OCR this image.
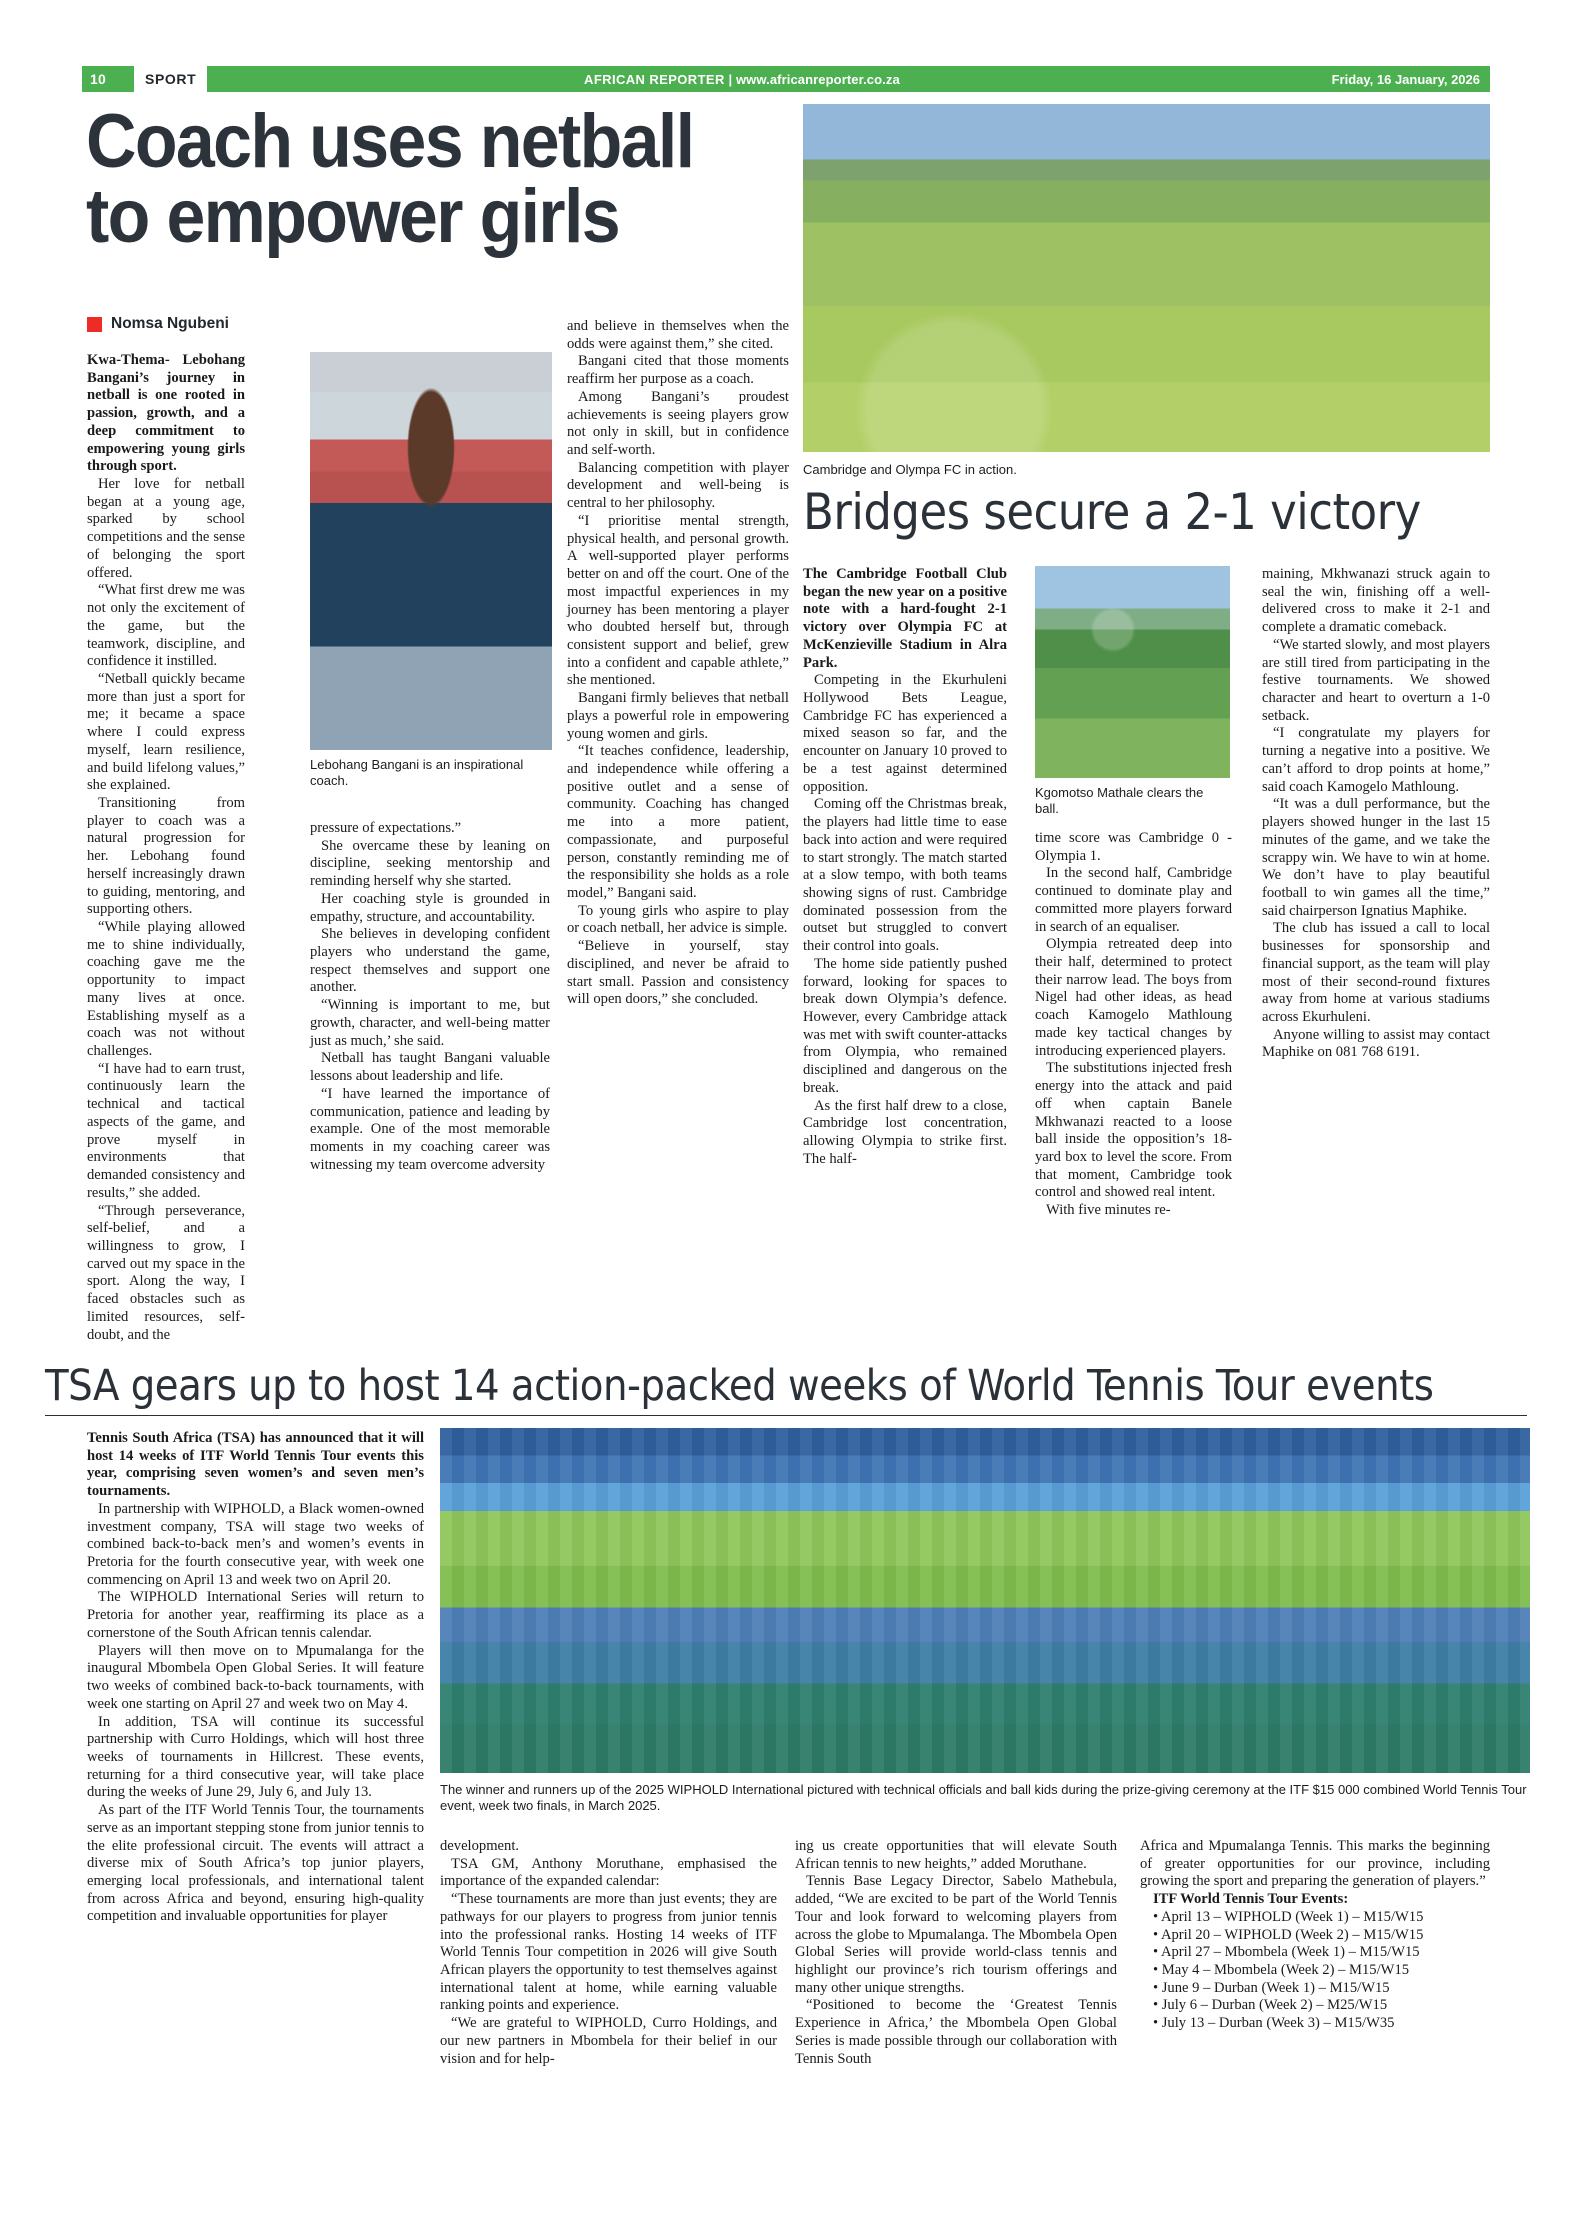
10	SPORT	AFRICAN REPORTER | www.africanreporter.co.za	Friday, 16 January, 2026
Coach uses netball to empower girls
Nomsa Ngubeni

Kwa-Thema- Lebohang Bangani’s journey in netball is one rooted in passion, growth, and a deep commitment to empowering young girls through sport.

Her love for netball began at a young age, sparked by school competitions and the sense of belonging the sport offered.

“What first drew me was not only the excitement of the game, but the teamwork, discipline, and confidence it instilled.

“Netball quickly became more than just a sport for me; it became a space where I could express myself, learn resilience, and build lifelong values,” she explained.

Transitioning from player to coach was a natural progression for her. Lebohang found herself increasingly drawn to guiding, mentoring, and supporting others.

“While playing allowed me to shine individually, coaching gave me the opportunity to impact many lives at once. Establishing myself as a coach was not without challenges.

“I have had to earn trust, continuously learn the technical and tactical aspects of the game, and prove myself in environments that demanded consistency and results,” she added.

“Through perseverance, self-belief, and a willingness to grow, I carved out my space in the sport. Along the way, I faced obstacles such as limited resources, self-doubt, and the

Lebohang Bangani is an inspirational coach.

pressure of expectations.”

She overcame these by leaning on discipline, seeking mentorship and reminding herself why she started.

Her coaching style is grounded in empathy, structure, and accountability.

She believes in developing confident players who understand the game, respect themselves and support one another.

“Winning is important to me, but growth, character, and well-being matter just as much,’ she said.

Netball has taught Bangani valuable lessons about leadership and life.

“I have learned the importance of communication, patience and leading by example. One of the most memorable moments in my coaching career was witnessing my team overcome adversity

and believe in themselves when the odds were against them,” she cited.

Bangani cited that those moments reaffirm her purpose as a coach.

Among Bangani’s proudest achievements is seeing players grow not only in skill, but in confidence and self-worth.

Balancing competition with player development and well-being is central to her philosophy.

“I prioritise mental strength, physical health, and personal growth. A well-supported player performs better on and off the court. One of the most impactful experiences in my journey has been mentoring a player who doubted herself but, through consistent support and belief, grew into a confident and capable athlete,” she mentioned.

Bangani firmly believes that netball plays a powerful role in empowering young women and girls.

“It teaches confidence, leadership, and independence while offering a positive outlet and a sense of community. Coaching has changed me into a more patient, compassionate, and purposeful person, constantly reminding me of the responsibility she holds as a role model,” Bangani said.

To young girls who aspire to play or coach netball, her advice is simple.

“Believe in yourself, stay disciplined, and never be afraid to start small. Passion and consistency will open doors,” she concluded.

Cambridge and Olympa FC in action.
Bridges secure a 2-1 victory

The Cambridge Football Club began the new year on a positive note with a hard-fought 2-1 victory over Olympia FC at McKenzieville Stadium in Alra Park.

Competing in the Ekurhuleni Hollywood Bets League, Cambridge FC has experienced a mixed season so far, and the encounter on January 10 proved to be a test against determined opposition.

Coming off the Christmas break, the players had little time to ease back into action and were required to start strongly. The match started at a slow tempo, with both teams showing signs of rust. Cambridge dominated possession from the outset but struggled to convert their control into goals.

The home side patiently pushed forward, looking for spaces to break down Olympia’s defence. However, every Cambridge attack was met with swift counter-attacks from Olympia, who remained disciplined and dangerous on the break.

As the first half drew to a close, Cambridge lost concentration, allowing Olympia to strike first. The half-

Kgomotso Mathale clears the ball.

time score was Cambridge 0 - Olympia 1.

In the second half, Cambridge continued to dominate play and committed more players forward in search of an equaliser.

Olympia retreated deep into their half, determined to protect their narrow lead. The boys from Nigel had other ideas, as head coach Kamogelo Mathloung made key tactical changes by introducing experienced players.

The substitutions injected fresh energy into the attack and paid off when captain Banele Mkhwanazi reacted to a loose ball inside the opposition’s 18-yard box to level the score. From that moment, Cambridge took control and showed real intent.

With five minutes re-

maining, Mkhwanazi struck again to seal the win, finishing off a well-delivered cross to make it 2-1 and complete a dramatic comeback.

“We started slowly, and most players are still tired from participating in the festive tournaments. We showed character and heart to overturn a 1-0 setback.

“I congratulate my players for turning a negative into a positive. We can’t afford to drop points at home,” said coach Kamogelo Mathloung.

“It was a dull performance, but the players showed hunger in the last 15 minutes of the game, and we take the scrappy win. We have to win at home. We don’t have to play beautiful football to win games all the time,” said chairperson Ignatius Maphike.

The club has issued a call to local businesses for sponsorship and financial support, as the team will play most of their second-round fixtures away from home at various stadiums across Ekurhuleni.

Anyone willing to assist may contact Maphike on 081 768 6191.

TSA gears up to host 14 action-packed weeks of World Tennis Tour events

Tennis South Africa (TSA) has announced that it will host 14 weeks of ITF World Tennis Tour events this year, comprising seven women’s and seven men’s tournaments.

In partnership with WIPHOLD, a Black women-owned investment company, TSA will stage two weeks of combined back-to-back men’s and women’s events in Pretoria for the fourth consecutive year, with week one commencing on April 13 and week two on April 20.

The WIPHOLD International Series will return to Pretoria for another year, reaffirming its place as a cornerstone of the South African tennis calendar.

Players will then move on to Mpumalanga for the inaugural Mbombela Open Global Series. It will feature two weeks of combined back-to-back tournaments, with week one starting on April 27 and week two on May 4.

In addition, TSA will continue its successful partnership with Curro Holdings, which will host three weeks of tournaments in Hillcrest. These events, returning for a third consecutive year, will take place during the weeks of June 29, July 6, and July 13.

As part of the ITF World Tennis Tour, the tournaments serve as an important stepping stone from junior tennis to the elite professional circuit. The events will attract a diverse mix of South Africa’s top junior players, emerging local professionals, and international talent from across Africa and beyond, ensuring high-quality competition and invaluable opportunities for player

The winner and runners up of the 2025 WIPHOLD International pictured with technical officials and ball kids during the prize-giving ceremony at the ITF $15 000 combined World Tennis Tour event, week two finals, in March 2025.

development.

TSA GM, Anthony Moruthane, emphasised the importance of the expanded calendar:

“These tournaments are more than just events; they are pathways for our players to progress from junior tennis into the professional ranks. Hosting 14 weeks of ITF World Tennis Tour competition in 2026 will give South African players the opportunity to test themselves against international talent at home, while earning valuable ranking points and experience.

“We are grateful to WIPHOLD, Curro Holdings, and our new partners in Mbombela for their belief in our vision and for help-

ing us create opportunities that will elevate South African tennis to new heights,” added Moruthane.

Tennis Base Legacy Director, Sabelo Mathebula, added, “We are excited to be part of the World Tennis Tour and look forward to welcoming players from across the globe to Mpumalanga. The Mbombela Open Global Series will provide world-class tennis and highlight our province’s rich tourism offerings and many other unique strengths.

“Positioned to become the ‘Greatest Tennis Experience in Africa,’ the Mbombela Open Global Series is made possible through our collaboration with Tennis South

Africa and Mpumalanga Tennis. This marks the beginning of greater opportunities for our province, including growing the sport and preparing the generation of players.”

ITF World Tennis Tour Events:

• April 13 – WIPHOLD (Week 1) – M15/W15

• April 20 – WIPHOLD (Week 2) – M15/W15

• April 27 – Mbombela (Week 1) – M15/W15

• May 4 – Mbombela (Week 2) – M15/W15

• June 9 – Durban (Week 1) – M15/W15

• July 6 – Durban (Week 2) – M25/W15

• July 13 – Durban (Week 3) – M15/W35
